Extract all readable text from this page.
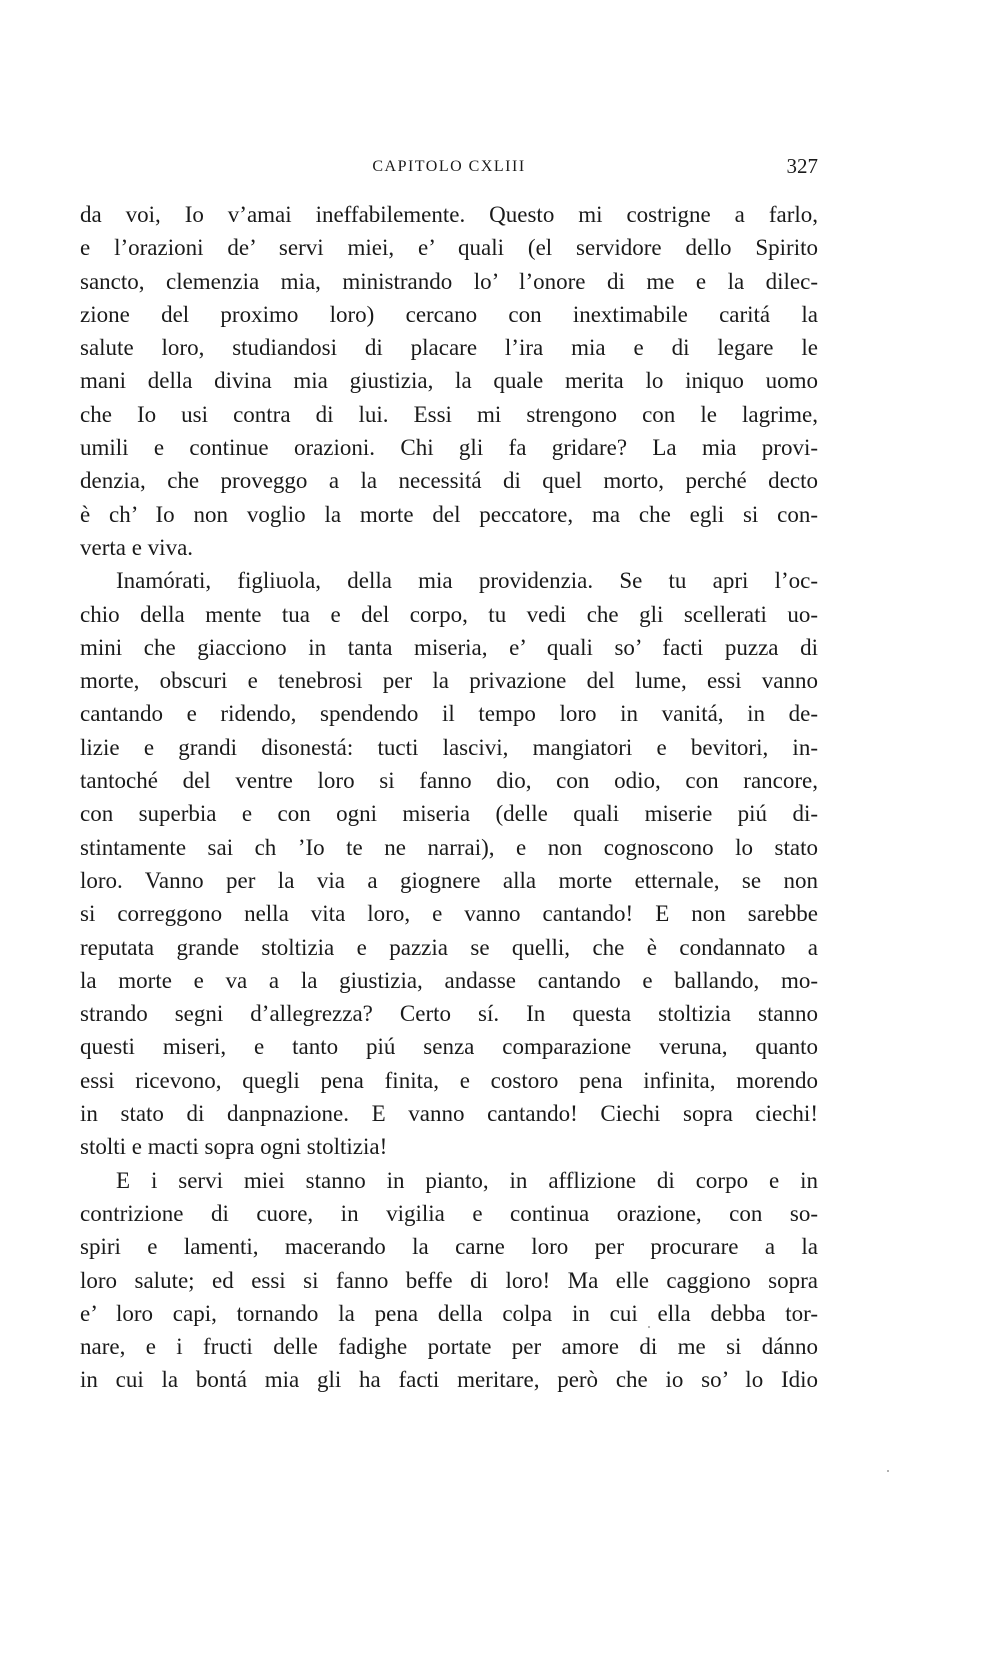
CAPITOLO CXLIII	327
da voi, Io v’amai ineffabilemente. Questo mi costrigne a farlo,
e l’orazioni de’ servi miei, e’ quali (el servidore dello Spirito
sancto, clemenzia mia, ministrando lo’ l’onore di me e la dilec-
zione del proximo loro) cercano con inextimabile caritá la
salute loro, studiandosi di placare l’ira mia e di legare le
mani della divina mia giustizia, la quale merita lo iniquo uomo
che Io usi contra di lui. Essi mi strengono con le lagrime,
umili e continue orazioni. Chi gli fa gridare? La mia provi-
denzia, che proveggo a la necessitá di quel morto, perché decto
è ch’ Io non voglio la morte del peccatore, ma che egli si con-
verta e viva.
Inamórati, figliuola, della mia providenzia. Se tu apri l’oc-
chio della mente tua e del corpo, tu vedi che gli scellerati uo-
mini che giacciono in tanta miseria, e’ quali so’ facti puzza di
morte, obscuri e tenebrosi per la privazione del lume, essi vanno
cantando e ridendo, spendendo il tempo loro in vanitá, in de-
lizie e grandi disonestá: tucti lascivi, mangiatori e bevitori, in-
tantoché del ventre loro si fanno dio, con odio, con rancore,
con superbia e con ogni miseria (delle quali miserie piú di-
stintamente sai ch ’Io te ne narrai), e non cognoscono lo stato
loro. Vanno per la via a giognere alla morte etternale, se non
si correggono nella vita loro, e vanno cantando! E non sarebbe
reputata grande stoltizia e pazzia se quelli, che è condannato a
la morte e va a la giustizia, andasse cantando e ballando, mo-
strando segni d’allegrezza? Certo sí. In questa stoltizia stanno
questi miseri, e tanto piú senza comparazione veruna, quanto
essi ricevono, quegli pena finita, e costoro pena infinita, morendo
in stato di danpnazione. E vanno cantando! Ciechi sopra ciechi!
stolti e macti sopra ogni stoltizia!
E i servi miei stanno in pianto, in afflizione di corpo e in
contrizione di cuore, in vigilia e continua orazione, con so-
spiri e lamenti, macerando la carne loro per procurare a la
loro salute; ed essi si fanno beffe di loro! Ma elle caggiono sopra
e’ loro capi, tornando la pena della colpa in cui ella debba tor-
nare, e i fructi delle fadighe portate per amore di me si dánno
in cui la bontá mia gli ha facti meritare, però che io so’ lo Idio
